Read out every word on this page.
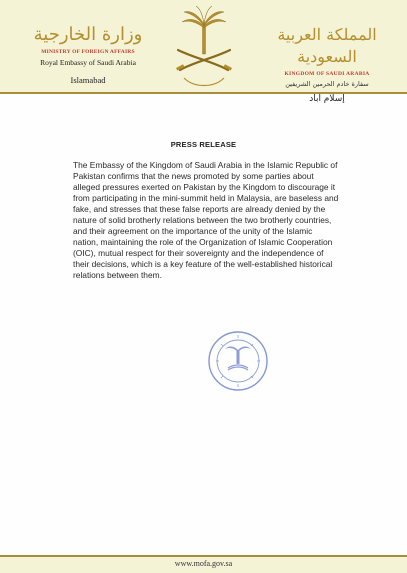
وزارة الخارجية
MINISTRY OF FOREIGN AFFAIRS
Royal Embassy of Saudi Arabia
Islamabad
المملكة العربية السعودية
KINGDOM OF SAUDI ARABIA
سفارة خادم الحرمين الشريفين
إسلام أباد
PRESS RELEASE
The Embassy of the Kingdom of Saudi Arabia in the Islamic Republic of
Pakistan confirms that the news promoted by some parties about
alleged pressures exerted on Pakistan by the Kingdom to discourage it
from participating in the mini-summit held in Malaysia, are baseless and
fake, and stresses that these false reports are already denied by the
nature of solid brotherly relations between the two brotherly countries,
and their agreement on the importance of the unity of the Islamic
nation, maintaining the role of the Organization of Islamic Cooperation
(OIC), mutual respect for their sovereignty and the independence of
their decisions, which is a key feature of the well-established historical
relations between them.
www.mofa.gov.sa
